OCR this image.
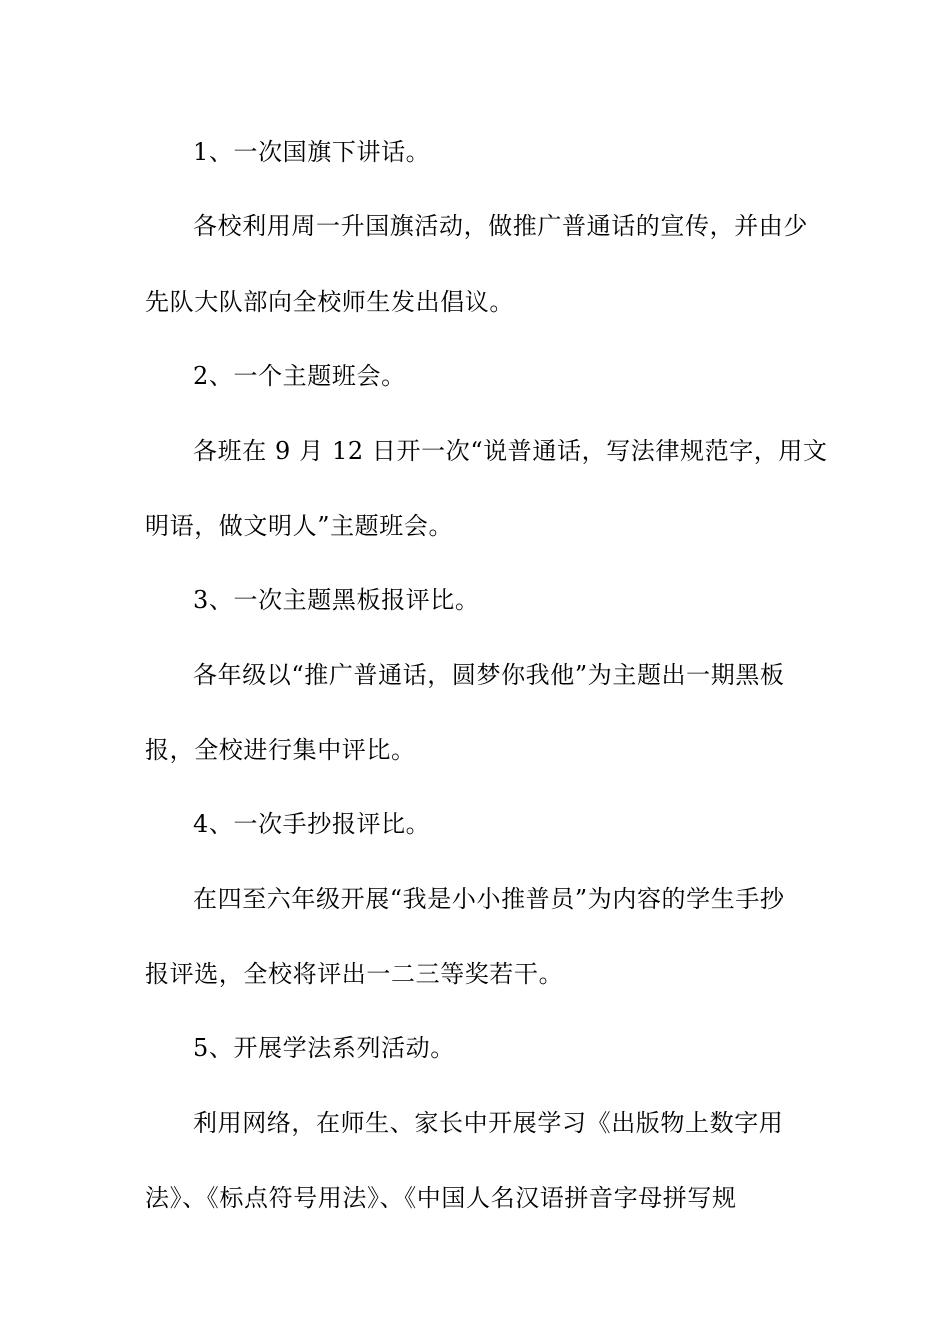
1、一次国旗下讲话。
各校利用周一升国旗活动，做推广普通话的宣传，并由少
先队大队部向全校师生发出倡议。
2、一个主题班会。
各班在 9 月 12 日开一次“说普通话，写法律规范字，用文
明语，做文明人”主题班会。
3、一次主题黑板报评比。
各年级以“推广普通话，圆梦你我他”为主题出一期黑板
报，全校进行集中评比。
4、一次手抄报评比。
在四至六年级开展“我是小小推普员”为内容的学生手抄
报评选，全校将评出一二三等奖若干。
5、开展学法系列活动。
利用网络，在师生、家长中开展学习《出版物上数字用
法》、《标点符号用法》、《中国人名汉语拼音字母拼写规
